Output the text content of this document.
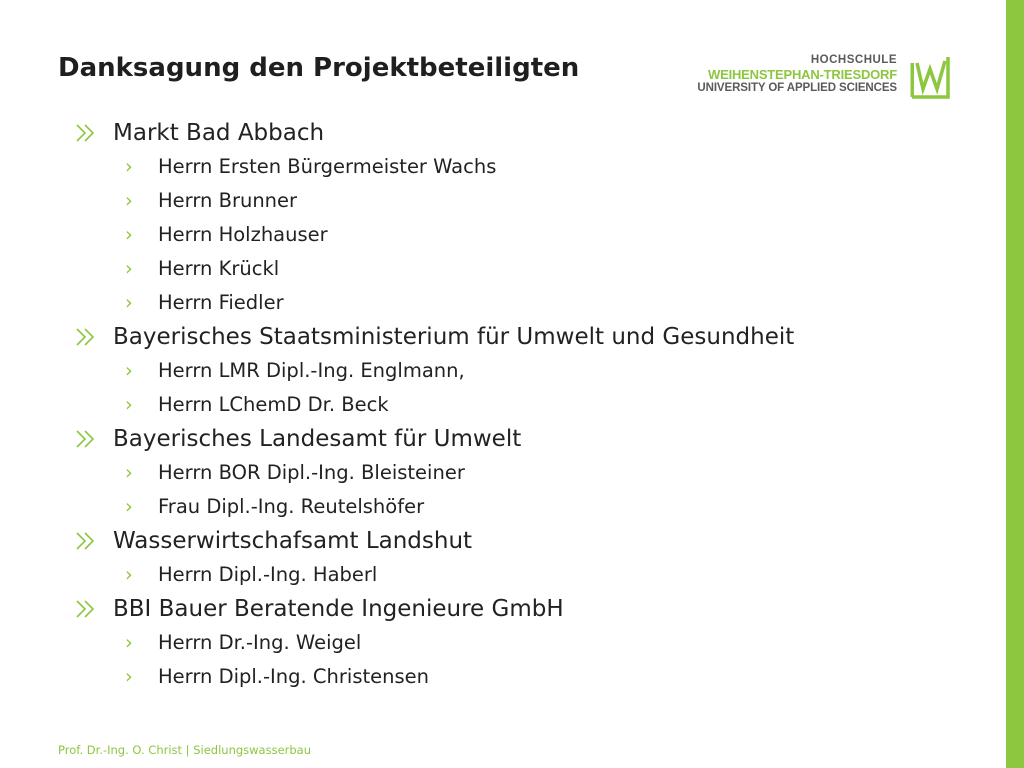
Danksagung den Projektbeteiligten	HOCHSCHULE
WEIHENSTEPHAN-TRIESDORF
UNIVERSITY OF APPLIED SCIENCES
Markt Bad Abbach
› Herrn Ersten Bürgermeister Wachs
› Herrn Brunner
› Herrn Holzhauser
› Herrn Krückl
› Herrn Fiedler
Bayerisches Staatsministerium für Umwelt und Gesundheit
› Herrn LMR Dipl.-Ing. Englmann,
› Herrn LChemD Dr. Beck
Bayerisches Landesamt für Umwelt
› Herrn BOR Dipl.-Ing. Bleisteiner
› Frau Dipl.-Ing. Reutelshöfer
Wasserwirtschafsamt Landshut
› Herrn Dipl.-Ing. Haberl
BBI Bauer Beratende Ingenieure GmbH
› Herrn Dr.-Ing. Weigel
› Herrn Dipl.-Ing. Christensen
Prof. Dr.-Ing. O. Christ | Siedlungswasserbau
